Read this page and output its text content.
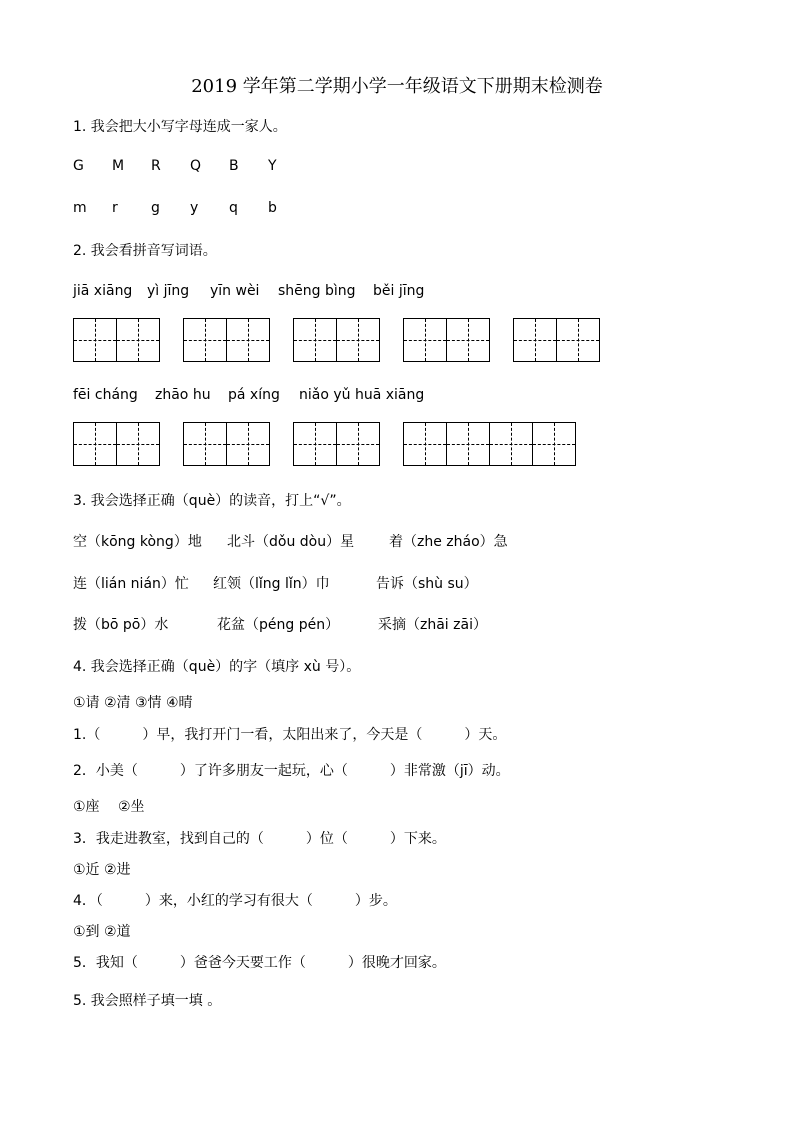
2019 学年第二学期小学一年级语文下册期末检测卷
1. 我会把大小写字母连成一家人。
G	M	R	Q	B	Y
m	r	g	y	q	b
2. 我会看拼音写词语。
jiā xiāng yì jīng yīn wèi shēng bìng běi jīng
fēi cháng zhāo hu pá xíng niǎo yǔ huā xiāng
3. 我会选择正确（què）的读音，打上“√”。
空（kōng kòng）地 北斗（dǒu dòu）星 着（zhe zháo）急
连（lián nián）忙 红领（lǐng lǐn）巾	告诉（shù su）
拨（bō pō）水	花盆（péng pén）	采摘（zhāi zāi）
4. 我会选择正确（què）的字（填序 xù 号）。
①请 ②清 ③情 ④晴
1.（　　　）早，我打开门一看，太阳出来了，今天是（　　　）天。
2．小美（　　　）了许多朋友一起玩，心（　　　）非常激（jī）动。
①座　 ②坐
3．我走进教室，找到自己的（　　　）位（　　　）下来。
①近 ②进
4．（　　　）来，小红的学习有很大（　　　）步。
①到 ②道
5．我知（　　　）爸爸今天要工作（　　　）很晚才回家。
5. 我会照样子填一填 。
